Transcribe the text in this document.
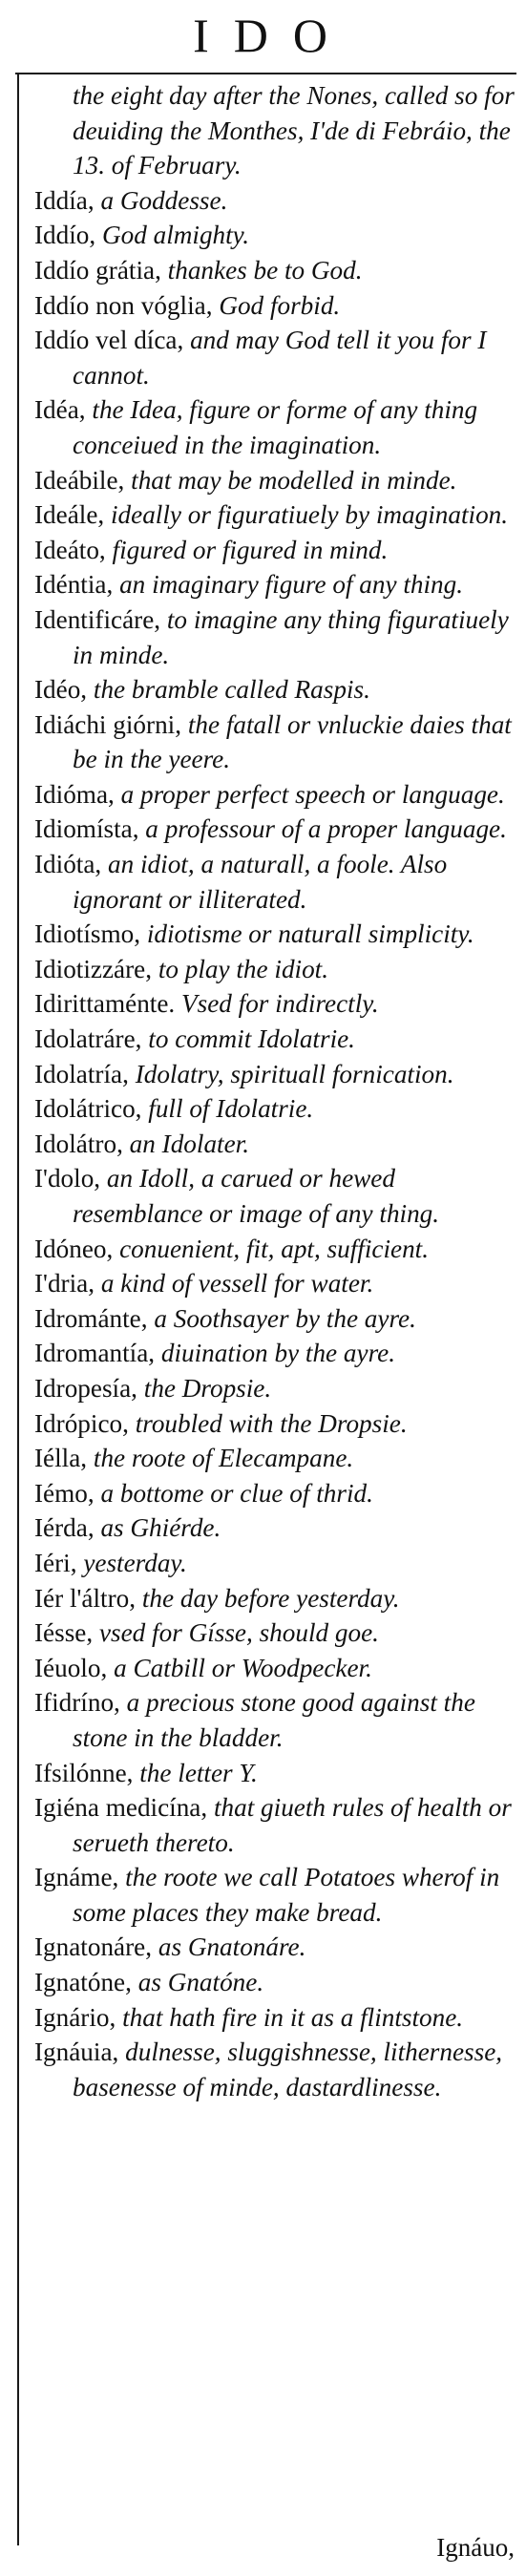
IDO
the eight day after the Nones, called so for deuiding the Monthes, I'de di Febráio, the 13. of February.

Iddía, a Goddesse.

Iddío, God almighty.

Iddío grátia, thankes be to God.

Iddío non vóglia, God forbid.

Iddío vel díca, and may God tell it you for I cannot.

Idéa, the Idea, figure or forme of any thing conceiued in the imagination.

Ideábile, that may be modelled in minde.

Ideále, ideally or figuratiuely by imagination.

Ideáto, figured or figured in mind.

Idéntia, an imaginary figure of any thing.

Identificáre, to imagine any thing figuratiuely in minde.

Idéo, the bramble called Raspis.

Idiáchi giórni, the fatall or vnluckie daies that be in the yeere.

Idióma, a proper perfect speech or language.

Idiomísta, a professour of a proper language.

Idióta, an idiot, a naturall, a foole. Also ignorant or illiterated.

Idiotísmo, idiotisme or naturall simplicity.

Idiotizzáre, to play the idiot.

Idirittaménte. Vsed for indirectly.

Idolatráre, to commit Idolatrie.

Idolatría, Idolatry, spirituall fornication.

Idolátrico, full of Idolatrie.

Idolátro, an Idolater.

I'dolo, an Idoll, a carued or hewed resemblance or image of any thing.

Idóneo, conuenient, fit, apt, sufficient.

I'dria, a kind of vessell for water.

Idrománte, a Soothsayer by the ayre.

Idromantía, diuination by the ayre.

Idropesía, the Dropsie.

Idrópico, troubled with the Dropsie.

Iélla, the roote of Elecampane.

Iémo, a bottome or clue of thrid.

Iérda, as Ghiérde.

Iéri, yesterday.

Iér l'áltro, the day before yesterday.

Iésse, vsed for Gísse, should goe.

Iéuolo, a Catbill or Woodpecker.

Ifidríno, a precious stone good against the stone in the bladder.

Ifsilónne, the letter Y.

Igiéna medicína, that giueth rules of health or serueth thereto.

Ignáme, the roote we call Potatoes wherof in some places they make bread.

Ignatonáre, as Gnatonáre.

Ignatóne, as Gnatóne.

Ignário, that hath fire in it as a flintstone.

Ignáuia, dulnesse, sluggishnesse, lithernesse, basenesse of minde, dastardlinesse.

Ignáuo,
